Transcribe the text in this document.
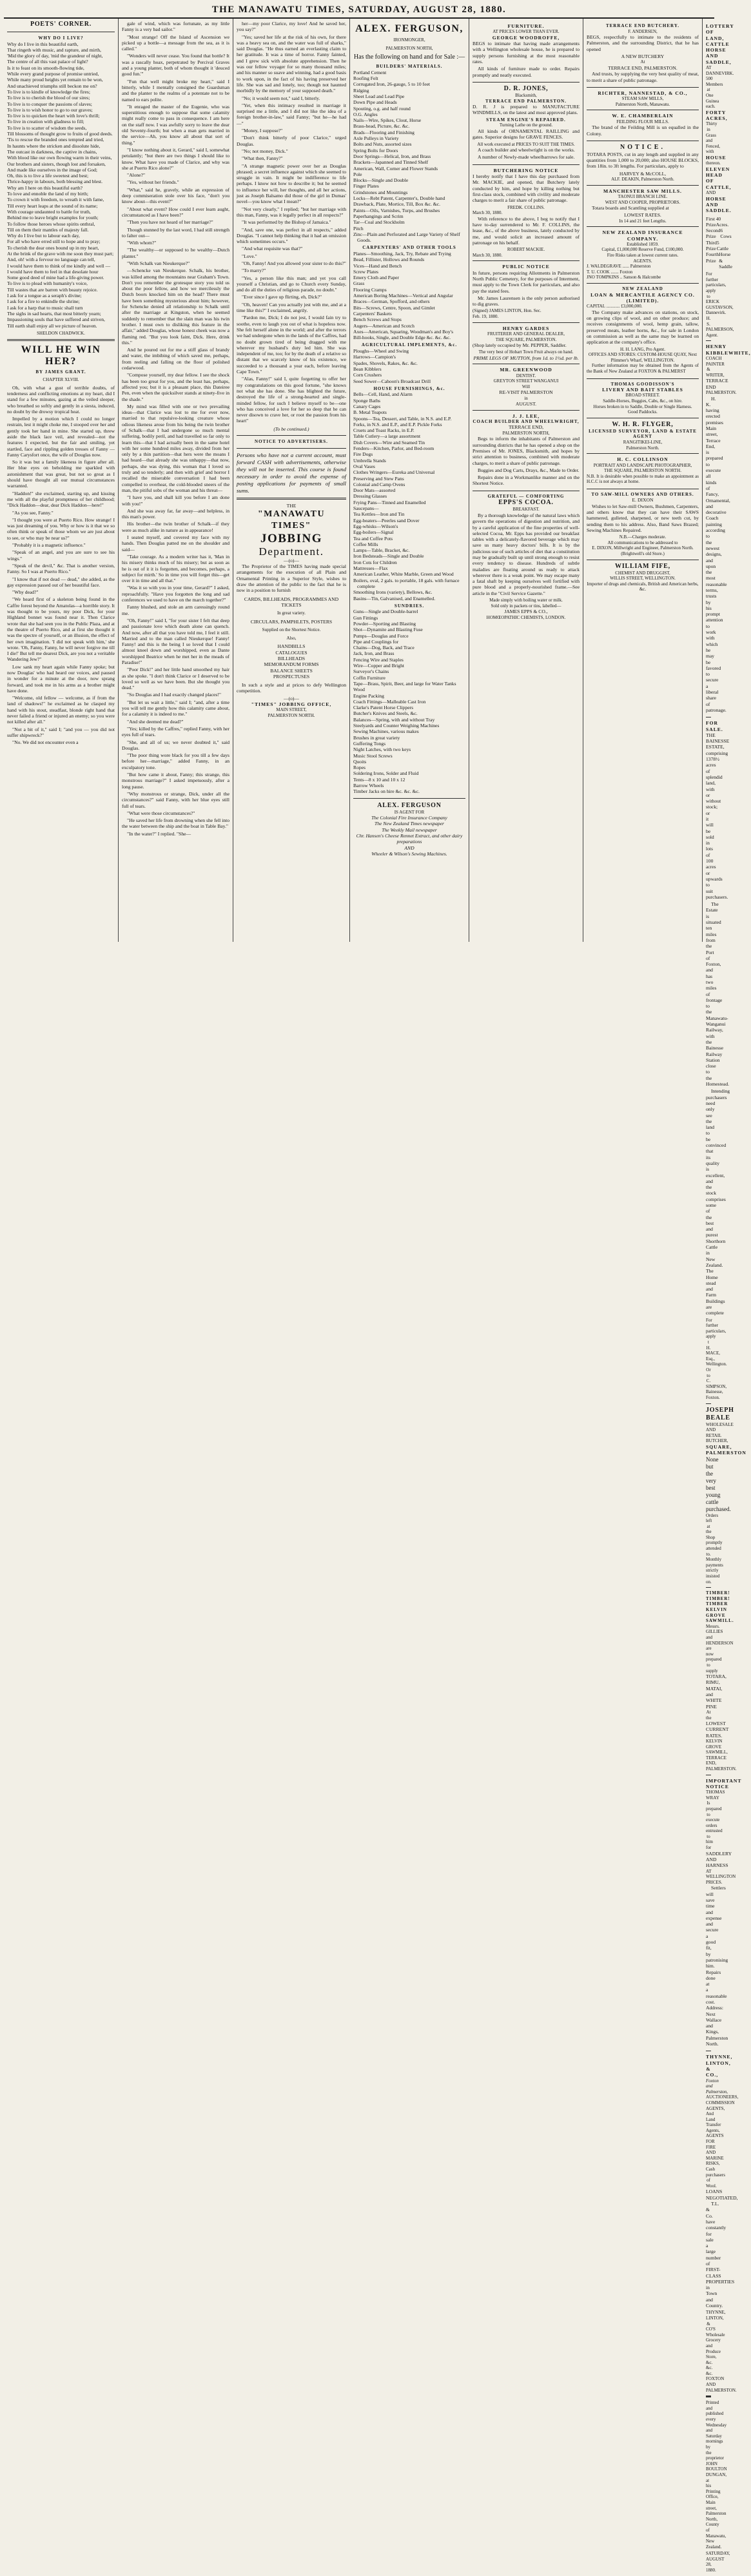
THE MANAWATU TIMES, SATURDAY, AUGUST 28, 1880.
POETS' CORNER.
WHY DO I LIVE?
Why do I live in this beautiful earth,
That ringeth with music, and rapture, and mirth,
'Mid the glory of day, 'mid the grandeur of night,
The centre of all this vast palace of light?
Is it to feast on its smooth-flowing tide,
While every grand purpose of promise untried,
While many proud heights yet remain to be won,
And unachieved triumphs still beckon me on?
To live is to kindle of knowledge the fires;
To live is to cherish the blood of our sires;
To live is to conquer the passions of slaves;
To live is to wish honor to go to our graves;
To live is to quicken the heart with love's thrill;
To live in creation with gladness to fill;
To live is to scatter of wisdom the seeds,
Till blossoms of thought grow to fruits of good deeds.
'Tis to rescue the branded ones tempted and tried,
In haunts where the stricken and dissolute hide,
The outcast in darkness, the captive in chains,
With blood like our own flowing warm in their veins,
Our brothers and sisters, though lost and forsaken,
And made like ourselves in the image of God;
Oh, this is to live a life sweetest and best;
Thrice-happy in labours, both blessing and blest.
Why am I here on this beautiful earth?
To love and ennoble the land of my birth;
To crown it with freedom, to wreath it with fame,
Till every heart leaps at the sound of its name;
With courage undaunted to battle for truth,
Behind me to leave bright examples for youth;
To follow those heroes whose spirits onthral,
Till on them their mantles of majesty fall.
Why do I live but to labour each day,
For all who have erred still to hope and to pray;
To cherish the dear ones bound up in my heart,
At the brink of the grave with me soon they must part;
And, oh! with a fervour no language can tell,
I would have them to think of me kindly and well —
I would have them to feel in that desolate hour
Some good deed of mine had a life-giving power.
To live is to plead with humanity's voice,
Till wastes that are barren with beauty rejoice.
I ask for a tongue as a seraph's divine;
I ask for a fire to enkindle the shrine;
I ask for a harp that to music shall turn
The sighs in sad hearts, that most bitterly yearn;
Impassioning souls that have suffered and striven,
Till earth shall enjoy all we picture of heaven.
SHELDON CHADWICK.
WILL HE WIN HER?
BY JAMES GRANT.
CHAPTER XLVIII.

Oh, with what a gust of terrible doubts, of tenderness and conflicting emotions at my heart, did I stand for a few minutes, gazing at the veiled sleeper, who breathed so softly and gently in a siesta, induced, no doubt by the drowsy tropical heat.

Impelled by a motion which I could no longer restrain, lest it might choke me, I stooped over her and gently took her hand in mine. She started up, threw aside the black lace veil, and revealed—not the features I expected, but the fair and smiling, yet startled, face and rippling golden tresses of Fanny — Fanny Carysfort once, the wife of Douglas now.

So it was but a family likeness in figure after all. Her blue eyes on beholding me sparkled with astonishment that was great, but not so great as I should have thought all our mutual circumstances warranted.

"Haddon!" she exclaimed, starting up, and kissing me with all the playful promptness of her childhood; "Dick Haddon—dear, dear Dick Haddon—here!"

"As you see, Fanny."

"I thought you were at Puerto Rico. How strange! I was just dreaming of you. Why or how is it that we so often think or speak of those whom we are just about to see, or who may be near us?"

"Probably it is a magnetic influence."

"Speak of an angel, and you are sure to see his wings."

"Speak of the devil," &c. That is another version, Fanny. So I was at Puerto Rico."

"I know that if not dead — dead," she added, as the gay expression passed out of her beautiful face.

"Why dead?"

"We heard first of a skeleton being found in the Caffre forest beyond the Amatolas—a horrible story. It was thought to be yours, my poor Dick, for your Highland bonnet was found near it. Then Clarice wrote that she had seen you in the Public Plaza, and at the theatre of Puerto Rico, and at first she thought it was the spectre of yourself, or an illusion, the effect of her own imagination. 'I did not speak with him,' she wrote. 'Oh, Fanny, Fanny, he will never forgive me till I die!' But tell me dearest Dick, are you not a veritable Wandering Jew?"

Low sank my heart again while Fanny spoke; but now Douglas' who had heard our voices, and paused in wonder for a minute at the door, now sprang forward, and took me in his arms as a brother might have done.

"Welcome, old fellow — welcome, as if from the land of shadows!" he exclaimed as he clasped my hand with his stout, steadfast, blonde right hand that never failed a friend or injured an enemy; so you were not killed after all."

"Not a bit of it," said I; "and you — you did not suffer shipwreck?"

"No. We did not encounter even a

gale of wind, which was fortunate, as my little Fanny is a very bad sailor."

"Most strange! Off the Island of Ascension we picked up a bottle—a message from the sea, as it is called."

"Wonders will never cease. You found that bottle? It was a rascally hoax, perpetrated by Percival Graves and a young planter, both of whom thought it 'deuced good fun.'"

"Fun that well might broke my heart," said I bitterly, while I mentally consigned the Guardsman and the planter to the realms of a potentate not to be named to ears polite.

"It enraged the master of the Eugenie, who was superstitious enough to suppose that some calamity might really come to pass in consequence. I am here on the staff now. I was awfully sorry to leave the dear old Seventy-fourth; but when a man gets married in the service—Ah, you know all about that sort of thing."

"I know nothing about it, Gerard," said I, somewhat petulantly; "but there are two things I should like to know. What have you made of Clarice, and why was she at Puerto Rico alone?"

"Alone?"

"Yes, without her friends."

"What," said he, gravely, while an expression of deep commiseration stole over his face, "don't you know about—this event?"

"About what event? How could I ever learn aught, circumstanced as I have been?"

"Then you have not heard of her marriage?"

Though stunned by the last word, I had still strength to falter out—

"With whom?"

"The wealthy—or supposed to be wealthy—Dutch planter."

"With Schalk van Nieukerque?"

—Schencke van Nieukerque. Schalk, his brother, was killed among the mountains near Graham's Town. Don't you remember the grotesque story you told us about the poor fellow, and how we mercilessly the Dutch boors knocked him on the head? There must have been something mysterious about him; however, for Schencke denied all relationship to Schalk until after the marriage at Kingston, when he seemed suddenly to remember that the slain man was his twin brother. I must own to disliking this feature in the affair," added Douglas, whose honest cheek was now a flaming red. "But you look faint, Dick. Here, drink this."

And he poured out for me a stiff glass of brandy and water, the imbibing of which saved me, perhaps, from reeling and falling on the floor of polished cedarwood.

"Compose yourself, my dear fellow. I see the shock has been too great for you, and the least has, perhaps, affected you; but it is a pleasant place, this Dateiree Pen, even when the quicksilver stands at ninety-five in the shade."

My mind was filled with one or two prevailing ideas—that Clarice was lost to me for ever now, married to that repulsive-looking creature whose odious likeness arose from his being the twin brother of Schalk—that I had undergone so much mental suffering, bodily peril, and had travelled so far only to learn this—that I had actually been in the same hotel with her some hundred miles away, divided from her only by a thin partition—that hers were the moans I had heard—that already she was unhappy—that now, perhaps, she was dying, this woman that I loved so truly and so tenderly; and then with grief and horror I recalled the miserable conversation I had been compelled to overhear, the cold-blooded sneers of the man, the pitiful sobs of the woman and his threat—

"I have you, and shall kill you before I am done with you!"

And she was away far, far away—and helpless, in this man's power.

His brother—the twin brother of Schalk—if they were as much alike in nature as in appearance!

I seated myself, and covered my face with my hands. Then Douglas patted me on the shoulder and said—

"Take courage. As a modern writer has it, 'Man in his misery thinks much of his misery; but as soon as he is out of it it is forgotten, and becomes, perhaps, a subject for mirth.' So in time you will forget this—get over it in time and all that."

"Was it so with you in your time, Gerard?" I asked, reproachfully. "Have you forgotten the long and sad conferences we used to have on the march together?"

Fanny blushed, and stole an arm caressingly round me.

"Oh, Fanny!" said I, "for your sister I felt that deep and passionate love which death alone can quench. And now, after all that you have told me, I feel it still. Married and to the man called Nieukerque! Fanny! Fanny! and this is the being I so loved that I could almost kneel down and worshipped, even as Dante worshipped Beatrice when he met her in the meads of Paradise!"

"Poor Dick!" and her little hand smoothed my hair as she spoke. "I don't think Clarice or I deserved to be loved so well as we have been. But she thought you dead."

"So Douglas and I had exactly changed places!"

"But let us wait a little," said I; "and, after a time you will tell me gently how this calamity came about, for a calamity it is indeed to me."

"And she deemed me dead?"

"Yes; killed by the Caffres," replied Fanny, with her eyes full of tears.

"She, and all of us; we never doubted it," said Douglas.

"The poor thing wore black for you till a few days before her—marriage," added Fanny, in an exculpatory tone.

"But how came it about, Fanny; this strange, this monstrous marriage?" I asked impetuously, after a long pause.

"Why monstrous or strange, Dick, under all the circumstances?" said Fanny, with her blue eyes still full of tears.

"What were those circumstances?"

"He saved her life from drowning when she fell into the water between the ship and the boat in Table Bay."

"In the water?" I replied. "She—

her—my poor Clarice, my love! And he saved her, you say?"

"Yes; saved her life at the risk of his own, for there was a heavy sea on, and the water was full of sharks," said Douglas. "He thus earned an everlasting claim to her gratitude. It was a time of horror. Fanny fainted, and I grew sick with absolute apprehension. Then he was our fellow voyager for so many thousand miles; and his manner so suave and winning, had a good basis to work upon, in the fact of his having preserved her life. She was sad and lonely, too; though not haunted morbidly by the memory of your supposed death."

"No; it would seem not," said I, bitterly.

"Yet, when this intimacy resulted in marriage it surprised me a little, and I did not like the idea of a foreign brother-in-law," said Fanny; "but he—he had—"

"Money, I suppose?"

"Don't think bitterly of poor Clarice," urged Douglas.

"No; not money, Dick."

"What then, Fanny?"

"A strange magnetic power over her as Douglas phrased; a secret influence against which she seemed to struggle in vain. It might be indifference to life perhaps. I know not how to describe it; but he seemed to influence her will, her thoughts, and all her actions, just as Joseph Balsamo did those of the girl in Dumas' novel—you know what I mean?"

"Not very clearly," I replied; "but her marriage with this man, Fanny, was it legally perfect in all respects?"

"It was performed by the Bishop of Jamaica."

"And, save one, was perfect in all respects," added Douglas. "I cannot help thinking that it had an omission which sometimes occurs."

"And what requisite was that?"

"Love."

"Oh, Fanny! And you allowed your sister to do this?"

"To marry?"

"Yes, a person like this man; and yet you call yourself a Christian, and go to Church every Sunday, and do all the duties of religious parade, no doubt."

"Ever since I gave up flirting, eh, Dick?"

"Oh, heaven! Can you actually jest with me, and at a time like this?" I exclaimed, angrily.

"Pardon me, Dick; I do not jest, I would fain try to soothe, even to laugh you out of what is hopeless now. She felt herself alone in the world; and after the terrors we had undergone when in the lands of the Caffres, had no doubt grown tired of being dragged with me wherever my husband's duty led him. She was independent of me, too; for by the death of a relative so distant that we scarcely know of his existence, we succeeded to a thousand a year each, before leaving Cape Town."

"Alas, Fanny!" said I, quite forgetting to offer her my congratulations on this good fortune, "she knows not what she has done. She has blighted the future, destroyed the life of a strong-hearted and single-minded fellow, for such I believe myself to be—one who has conceived a love for her so deep that he can never disown to crave her, or root the passion from his heart"

(To be continued.)
NOTICE TO ADVERTISERS.
Persons who have not a current account, must forward CASH with advertisements, otherwise they will not be inserted. This course is found necessary in order to avoid the expense of posting applications for payments of small sums.
THE
"MANAWATU TIMES"
JOBBING
Department.
—(o)—

The Proprietor of the TIMES having made special arrangements for the execution of all Plain and Ornamental Printing in a Superior Style, wishes to draw the attention of the public to the fact that he is now in a position to furnish

CARDS, BILLHEADS, PROGRAMMES AND TICKETS
In great variety.
CIRCULARS, PAMPHLETS, POSTERS
Supplied on the Shortest Notice.
Also,
HANDBILLS
CATALOGUES
BILLHEADS
MEMORANDUM FORMS
BALANCE SHEETS
PROSPECTUSES

In such a style and at prices to defy Wellington competition.

—(o)—
"TIMES" JOBBING OFFICE,
MAIN STREET,
PALMERSTON NORTH.
ALEX. FERGUSON,
IRONMONGER,
PALMERSTON NORTH,
Has the following on hand and for Sale :—
BUILDERS' MATERIALS.
Portland Cement
Roofing Felt
Corrugated Iron, 26-gauge, 5 to 10 feet
Ridging
Sheet Lead and Lead Pipe
Down Pipe and Heads
Spouting, o.g. and half round
O.G. Angles
Nails—Wire, Spikes, Clout, Horse
Brass-head, Picture, &c. &c.
Brads—Flooring and Finishing
Axle Pulleys in Variety
Bolts and Nuts, assorted sizes
Spring Bolts for Doors
Door Springs—Helical, Iron, and Brass
Brackets—Japanned and Tinned Shelf
American, Wall, Corner and Flower Stands
Pole
Blocks—Single and Double
Finger Plates
Grindstones and Mountings
Locks—Rebt Patent, Carpenter's, Double hand
Drawback, Plate, Mortice, Till, Box &c. &c.
Paints—Oils, Varnishes, Turps, and Brushes
Paperhangings and Scrim
Tar—Coal and Stockholm
Pitch
Zinc—Plain and Perforated and Large Variety of Shelf Goods.
CARPENTERS' AND OTHER TOOLS
Planes—Smoothing, Jack, Try, Rebate and Trying
Bead, Fillister, Hollows and Rounds
Vices—Hand and Bench
Screw Plates
Emery Cloth and Paper
Grass
Flooring Cramps
American Boring Machines—Vertical and Angular
Braces—German, Spofford, and others
Bits—Screws, Centre, Spoon, and Gimlet
Carpenters' Baskets
Bench Screws and Stops
Augers—American and Scotch
Axes—American, Squaring, Woodman's and Boy's
Bill-hooks, Single, and Double Edge &c. &c. &c.
AGRICULTURAL IMPLEMENTS, &c.
Ploughs—Wheel and Swing
Harrows—Campion's
Spades, Shovels, Rakes, &c. &c.
Bean Kibblers
Corn Crushers
Seed Sower—Cahoon's Broadcast Drill
HOUSE FURNISHINGS, &c.
Bells—Cell, Hand, and Alarm
Sponge Baths
Canary Cages
B. Metal Teapots
Spoons—Tea, Dessert, and Table, in N.S. and E.P.
Forks, in N.S. and E.P., and E.P. Pickle Forks
Cruets and Toast Racks, in E.P.
Table Cutlery—a large assortment
Dish Covers—Wire and Seamed Tin
Fenders—Kitchen, Parlor, and Bed-room
Fire Dogs
Umbrella Stands
Oval Vases
Clothes Wringers—Eureka and Universal
Preserving and Stew Pans
Colonial and Camp Ovens
Door Mats—assorted
Dressing Glasses
Frying Pans—Tinned and Enamelled
Saucepans—
Tea Kettles—Iron and Tin
Egg-beaters—Peerles sand Dover
Egg-whisks—Wilson's
Egg-boilers—Signal
Tea and Coffee Pots
Coffee Mills
Lamps—Table, Bracket, &c.
Iron Bedsteads—Single and Double
Iron Cots for Children
Mattresses—Flax
American Leather, White Marble, Green and Wood
Boilers, oval, 2 gals. to portable, 18 gals. with furnace complete
Smoothing Irons (variety), Bellows, &c.
Basins—Tin, Galvanised, and Enamelled.
SUNDRIES.
Guns—Single and Double-barrel
Gun Fittings
Powder—Sporting and Blasting
Shot—Dynamite and Blasting Fuse
Pumps—Douglas and Force
Pipe and Couplings for
Chains—Dog, Back, and Trace
Jack, Iron, and Brass
Fencing Wire and Staples
Wire—Copper and Bright
Surveyor's Chains
Coffin Furniture
Tape—Brass, Spirit, Beer, and large for Water Tanks
Wood
Engine Packing
Coach Fittings—Malleable Cast Iron
Clarke's Patent Horse Clippers
Butcher's Knives and Steels, &c.
Balances—Spring, with and without Tray
Steelyards and Counter Weighing Machines
Sewing Machines, various makes
Brushes in great variety
Guffering Tongs
Night Latches, with two keys
Music Stool Screws
Quoits
Ropes
Soldering Irons, Solder and Fluid
Tents—8 x 10 and 10 x 12
Barrow Wheels
Timber Jacks on hire &c. &c. &c.
ALEX. FERGUSON
IS AGENT FOR
The Colonial Fire Insurance Company
The New Zealand Times newspaper
The Weekly Mail newspaper
Chr. Hansen's Cheese Rennet Extract, and other dairy preparations
AND
Wheeler & Wilson's Sewing Machines.
FURNITURE.
AT PRICES LOWER THAN EVER.
GEORGE WOODROFFE,

BEGS to intimate that having made arrangements with a Wellington wholesale house, he is prepared to supply persons furnishing at the most reasonable rates.

All kinds of furniture made to order. Repairs promptly and neatly executed.

D. R. JONES,
Blacksmith,
TERRACE END PALMERSTON.

D. R. J is prepared to MANUFACTURE WINDMILLS, on the latest and most approved plans.

STEAM ENGINE'S REPAIRED.
Turning Lathe on the ground.

All kinds of ORNAMENTAL RAILLING and gates. Superior designs for GRAVE FENCES.

All work executed at PRICES TO SUIT THE TIMES.

A coach builder and wheelwright is on the works.

A number of Newly-made wheelbarrows for sale.

BUTCHERING NOTICE

I hereby notify that I have this day purchased from Mr. MACKIE, and opened, that Butchery lately conducted by him, and hope by killing nothing but first-class stock, combined with civility and moderate charges to merit a fair share of public patronage.

FREDK. COLLINS.
March 30, 1880.

With reference to the above, I beg to notify that I have to-day surrendered to Mr. F. COLLINS, the lease, &c., of the above business, lately conducted by me, and would solicit an increased amount of patronage on his behalf.

ROBERT MACKIE.
March 30, 1880.
PUBLIC NOTICE

In future, persons requiring Allotments in Palmerston North Public Cemetery, for the purposes of Interment, must apply to the Town Clerk for particulars, and also pay the stated fees.

Mr. James Laurensen is the only person authorised to dig graves.

(Signed) JAMES LINTON, Hon. Sec.
Feb. 19, 1880.
HENRY GARDES
FRUITERER AND GENERAL DEALER,
THE SQUARE, PALMERSTON.

(Shop lately occupied by Mr. PEPPER, Saddler.

The very best of Hobart Town Fruit always on hand.
PRIME LEGS OF MUTTON, from 1d. to 1½d. per lb.
MR. GREENWOOD
DENTIST.
GREYTON STREET WANGANUI
Will
RE-VISIT PALMERSTON
in
AUGUST.
J. J. LEE,
COACH BUILDER AND WHEELWRIGHT,
TERRACE END,
PALMERSTON NORTH,

Begs to inform the inhabitants of Palmerston and surrounding districts that he has opened a shop on the Premises of Mr. JONES, Blacksmith, and hopes by strict attention to business, combined with moderate charges, to merit a share of public patronage.

Buggies and Dog Carts, Drays, &c., Made to Order.

Repairs done in a Workmanlike manner and on the Shortest Notice.

GRATEFUL — COMFORTING
EPPS'S COCOA.
BREAKFAST.

By a thorough knowledge of the natural laws which govern the operations of digestion and nutrition, and by a careful application of the fine properties of well-selected Cocoa, Mr. Epps has provided our breakfast tables with a delicately-flavored beverage which may save us many heavy doctors' bills. It is by the judicious use of such articles of diet that a constitution may be gradually built up until strong enough to resist every tendency to disease. Hundreds of subtle maladies are floating around us ready to attack wherever there is a weak point. We may escape many a fatal shaft by keeping ourselves well fortified with pure blood and a properly-nourished frame.—See article in the "Civil Service Gazette."

Made simply with boiling water or milk.
Sold only in packets or tins, labelled—
JAMES EPPS & CO.,
HOMŒOPATHIC CHEMISTS, LONDON.
TERRACE END BUTCHERY.
F. ANDERSEN,

BEGS, respectfully to intimate to the residents of Palmerston, and the surrounding District, that he has opened

A NEW BUTCHERY
At
TERRACE END, PALMERSTON.

And trusts, by supplying the very best quality of meat, to merit a share of public patronage.

RICHTER, NANNESTAD, & CO.,
STEAM SAW MILLS,
Palmerston North, Manawatu.
W. E. CHAMBERLAIN
FEILDING FLOUR MILLS.

The brand of the Feilding Mill is un equalled in the Colony.

NOTICE.

TOTARA POSTS, cut in any length and supplied in any quantities from 1,000 to 20,000; also HOUSE BLOCKS, from 18in. to 3ft lengths. For particulars, apply to

HARVEY & McCOLL,
ALF. DEAKIN, Palmerston North.
MANCHESTER SAW MILLS.
TAONUI BRANCH LINE.
WEST AND COOPER, PROPRIETORS.

Totara boards and Scantling supplied at

LOWEST RATES.
In 14 and 21 feet Lengths.
NEW ZEALAND INSURANCE COMPANY.
Established 1859.
Capital, £1,000,000 Reserve Fund, £100,000.
Fire Risks taken at lowest current rates.
AGENTS.
J. WALDEGRAVE ...... Palmerston
T. U. COOK ....... Foxton
JNO TOMPKINS .. Sanson & Halcombe
NEW ZEALAND
LOAN & MERCANTILE AGENCY CO. (LIMITED).
CAPITAL ............ £3,000,000.

The Company make advances on stations, on stock, on growing clips of wool, and on other produce; and receives consignments of wool, hemp grain, tallow, preserved meats, leather horns, &c., for sale in London on commission as well as the same may be learned on application at the company's office.

H. H. LANG, Pro Agent.
OFFICES AND STORES: CUSTOM-HOUSE QUAY, Next Plimmer's Wharf, WELLINGTON.

Further information may be obtained from the Agents of the Bank of New Zealand at FOXTON & PALMERST

THOMAS GOODISSON'S
LIVERY AND BAIT STABLES
BROAD STREET.
Saddle-Horses, Buggies, Cabs, &c., on hire.
Horses broken in to Saddle, Double or Single Harness.
Good Paddocks.
W. H. R. FLYGER,
LICENSED SURVEYOR, LAND & ESTATE AGENT
RANGITIKEI-LINE,
Palmerston North.
H. C. COLLINSON
PORTRAIT AND LANDSCAPE PHOTOGRAPHER,
THE SQUARE, PALMERSTON NORTH.

N.B. It is desirable when possible to make an appointment as H.C.C is not always at home.

TO SAW-MILL OWNERS AND OTHERS.
E. DIXON

Wishes to let Saw-mill Owners, Bushmen, Carpenters, and others know that they can have their SAWS hammered, gulleted, sharpened, or new teeth cut, by sending them to his address. Also, Band Saws Brazed; Sewing Machines Repaired.

N.B.—Charges moderate.
All communications to be addressed to
E. DIXON, Millwright and Engineer, Palmerston North.
(Brightwell's old Store.)
WILLIAM FIFE,
CHEMIST AND DRUGGIST,
WILLIS STREET, WELLINGTON.
Importer of drugs and chemicals, British and American herbs, &c.
LOTTERY OF LAND, CATTLE HORSE AND SADDLE,
AT DANNEVIRK.
500 Members at One Guinea each.
FORTY ACRES,
Thirty in Grass and Fenced, with
HOUSE
thereon.
ELEVEN HEAD OF CATTLE,
AND
HORSE AND SADDLE.
First Prize
40 Acres.
Second Prize
6 Cows
Third Prize
5 Cattle
Fourth Prize
Horse & Saddle
For further particulars, apply to
ERICK GUSTAVSON, Dannevirk.
H. S. PALMERSON, Agent.
HENRY KIBBLEWHITE,
COACH PAINTER & WRITER,
TERRACE END
PALMERSTON.

H. K. having erected premises Main street, Terrace End, is prepared to execute all kinds of Fancy, Ornamental, and decorative Coach painting according to the newest designs, and upon the most reasonable terms, trusts by his prompt attention to work with which he may be favored to secure a liberal share of patronage.

FOR SALE.

THE BAINESSE ESTATE, comprising 1378½ acres of splendid land, with or without stock; or it will be sold in lots of 100 acres or upwards to suit purchasers.

The Estate is situated ten miles from the Port of Foxton, and has two miles of frontage to the Manawatu-Wanganui Railway, with the Bainesse Railway Station close to the Homestead.

Intending purchasers need only see the land to be convinced that its quality is excellent, and the stock comprises some of the best and purest Shorthorn Cattle in New Zealand. The Home stead and Farm Buildings are complete

For further particulars, apply t
H. MACE, Esq., Wellington.
Or to
C. SIMPSON, Bainesse, Foxton.
JOSEPH BEALE
WHOLESALE AND RETAIL BUTCHER,
SQUARE, PALMERSTON
None but the very best young cattle purchased.
Orders left at the Shop promptly attended to.
Monthly payments strictly insisted on.
TIMBER! TIMBER! TIMBER
KELVIN GROVE SAWMILL.
Messrs. GILLIES and HENDERSON are now prepared to supply
TOTARA,
RIMU,
MATAI, and
WHITE PINE
At the
LOWEST CURRENT RATES.
KELVIN GROVE SAWMILL,
TERRACE END, PALMERSTON.
IMPORTANT NOTICE
THOMAS WRAY
Is prepared to execute orders entrusted to him for
SADDLERY AND HARNESS
AT
WELLINGTON PRICES.

Settlers will save time and expense and secure a good fit, by patronising him. Repairs done at a reasonable cost. Address: Next Wallace and Kings, Palmerston North.

THYNNE, LINTON, & CO.,
Foxton and Palmerston,
AUCTIONEERS, COMMISSION AGENTS,
And
Land Transfer Agents,
AGENTS FOR FIRE AND MARINE RISKS,
Cash purchasers of Wool.
LOANS NEGOTIATED,

T.L. & Co. have constantly for sale a large number of FIRST-CLASS PROPERTIES in Town and Country.

THYNNE, LINTON, & CO'S
Wholesale Grocery and Produce Store, &c. &c. &c.
FOXTON AND PALMERSTON.

Printed and published every Wednesday and Saturday mornings by the proprietor JOHN BOULTON DUNGAN, at his Printing Office, Main street, Palmerston North, County of Manawatu, New Zealand.

SATURDAY, AUGUST 28, 1880.
